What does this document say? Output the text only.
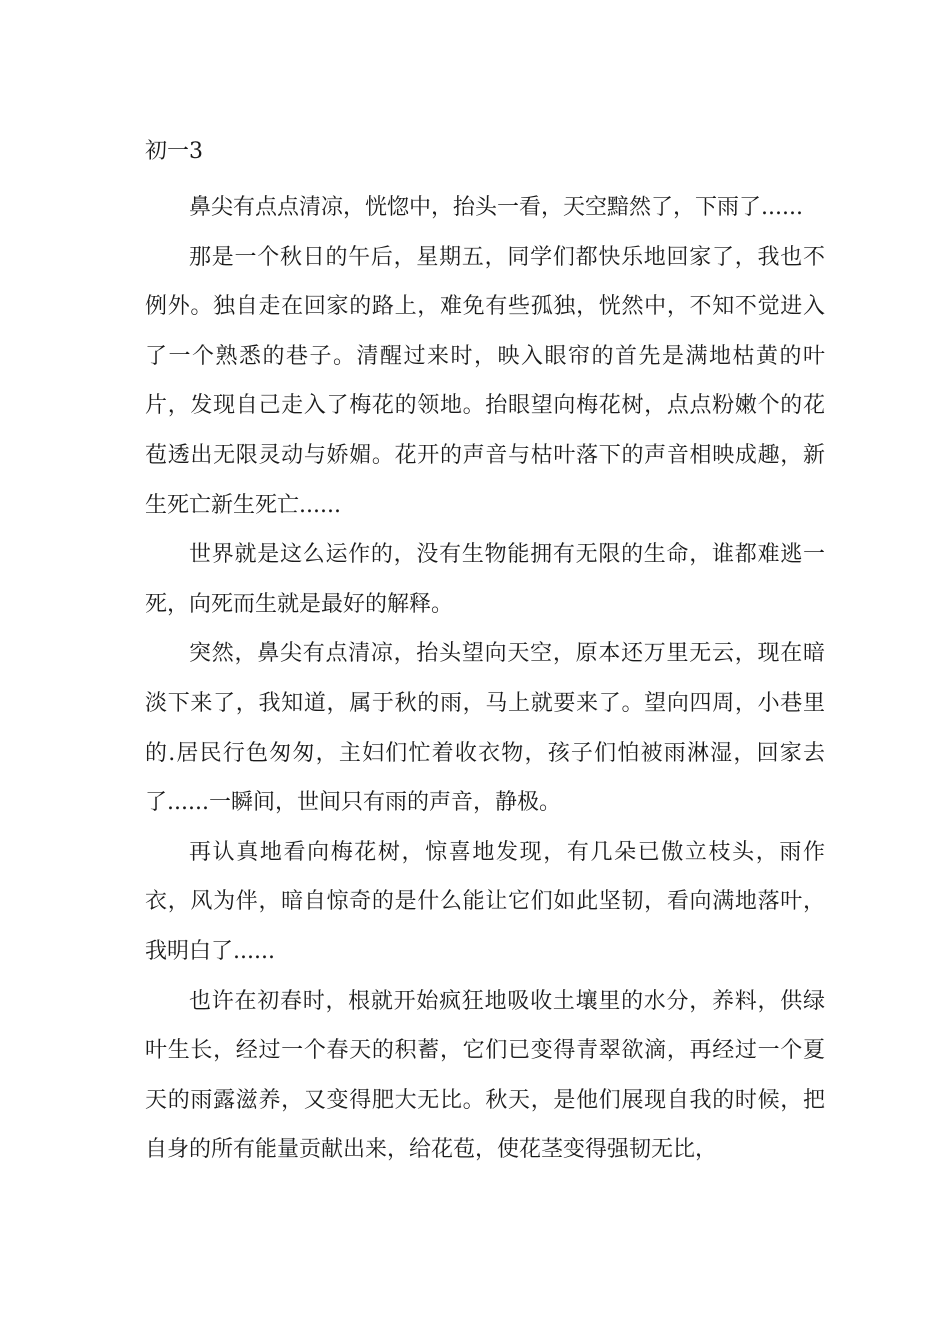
初一3

鼻尖有点点清凉，恍惚中，抬头一看，天空黯然了，下雨了......

那是一个秋日的午后，星期五，同学们都快乐地回家了，我也不例外。独自走在回家的路上，难免有些孤独，恍然中，不知不觉进入了一个熟悉的巷子。清醒过来时，映入眼帘的首先是满地枯黄的叶片，发现自己走入了梅花的领地。抬眼望向梅花树，点点粉嫩个的花苞透出无限灵动与娇媚。花开的声音与枯叶落下的声音相映成趣，新生死亡新生死亡......

世界就是这么运作的，没有生物能拥有无限的生命，谁都难逃一死，向死而生就是最好的解释。

突然，鼻尖有点清凉，抬头望向天空，原本还万里无云，现在暗淡下来了，我知道，属于秋的雨，马上就要来了。望向四周，小巷里的.居民行色匆匆，主妇们忙着收衣物，孩子们怕被雨淋湿，回家去了......一瞬间，世间只有雨的声音，静极。

再认真地看向梅花树，惊喜地发现，有几朵已傲立枝头，雨作衣，风为伴，暗自惊奇的是什么能让它们如此坚韧，看向满地落叶，我明白了......

也许在初春时，根就开始疯狂地吸收土壤里的水分，养料，供绿叶生长，经过一个春天的积蓄，它们已变得青翠欲滴，再经过一个夏天的雨露滋养，又变得肥大无比。秋天，是他们展现自我的时候，把自身的所有能量贡献出来，给花苞，使花茎变得强韧无比，
